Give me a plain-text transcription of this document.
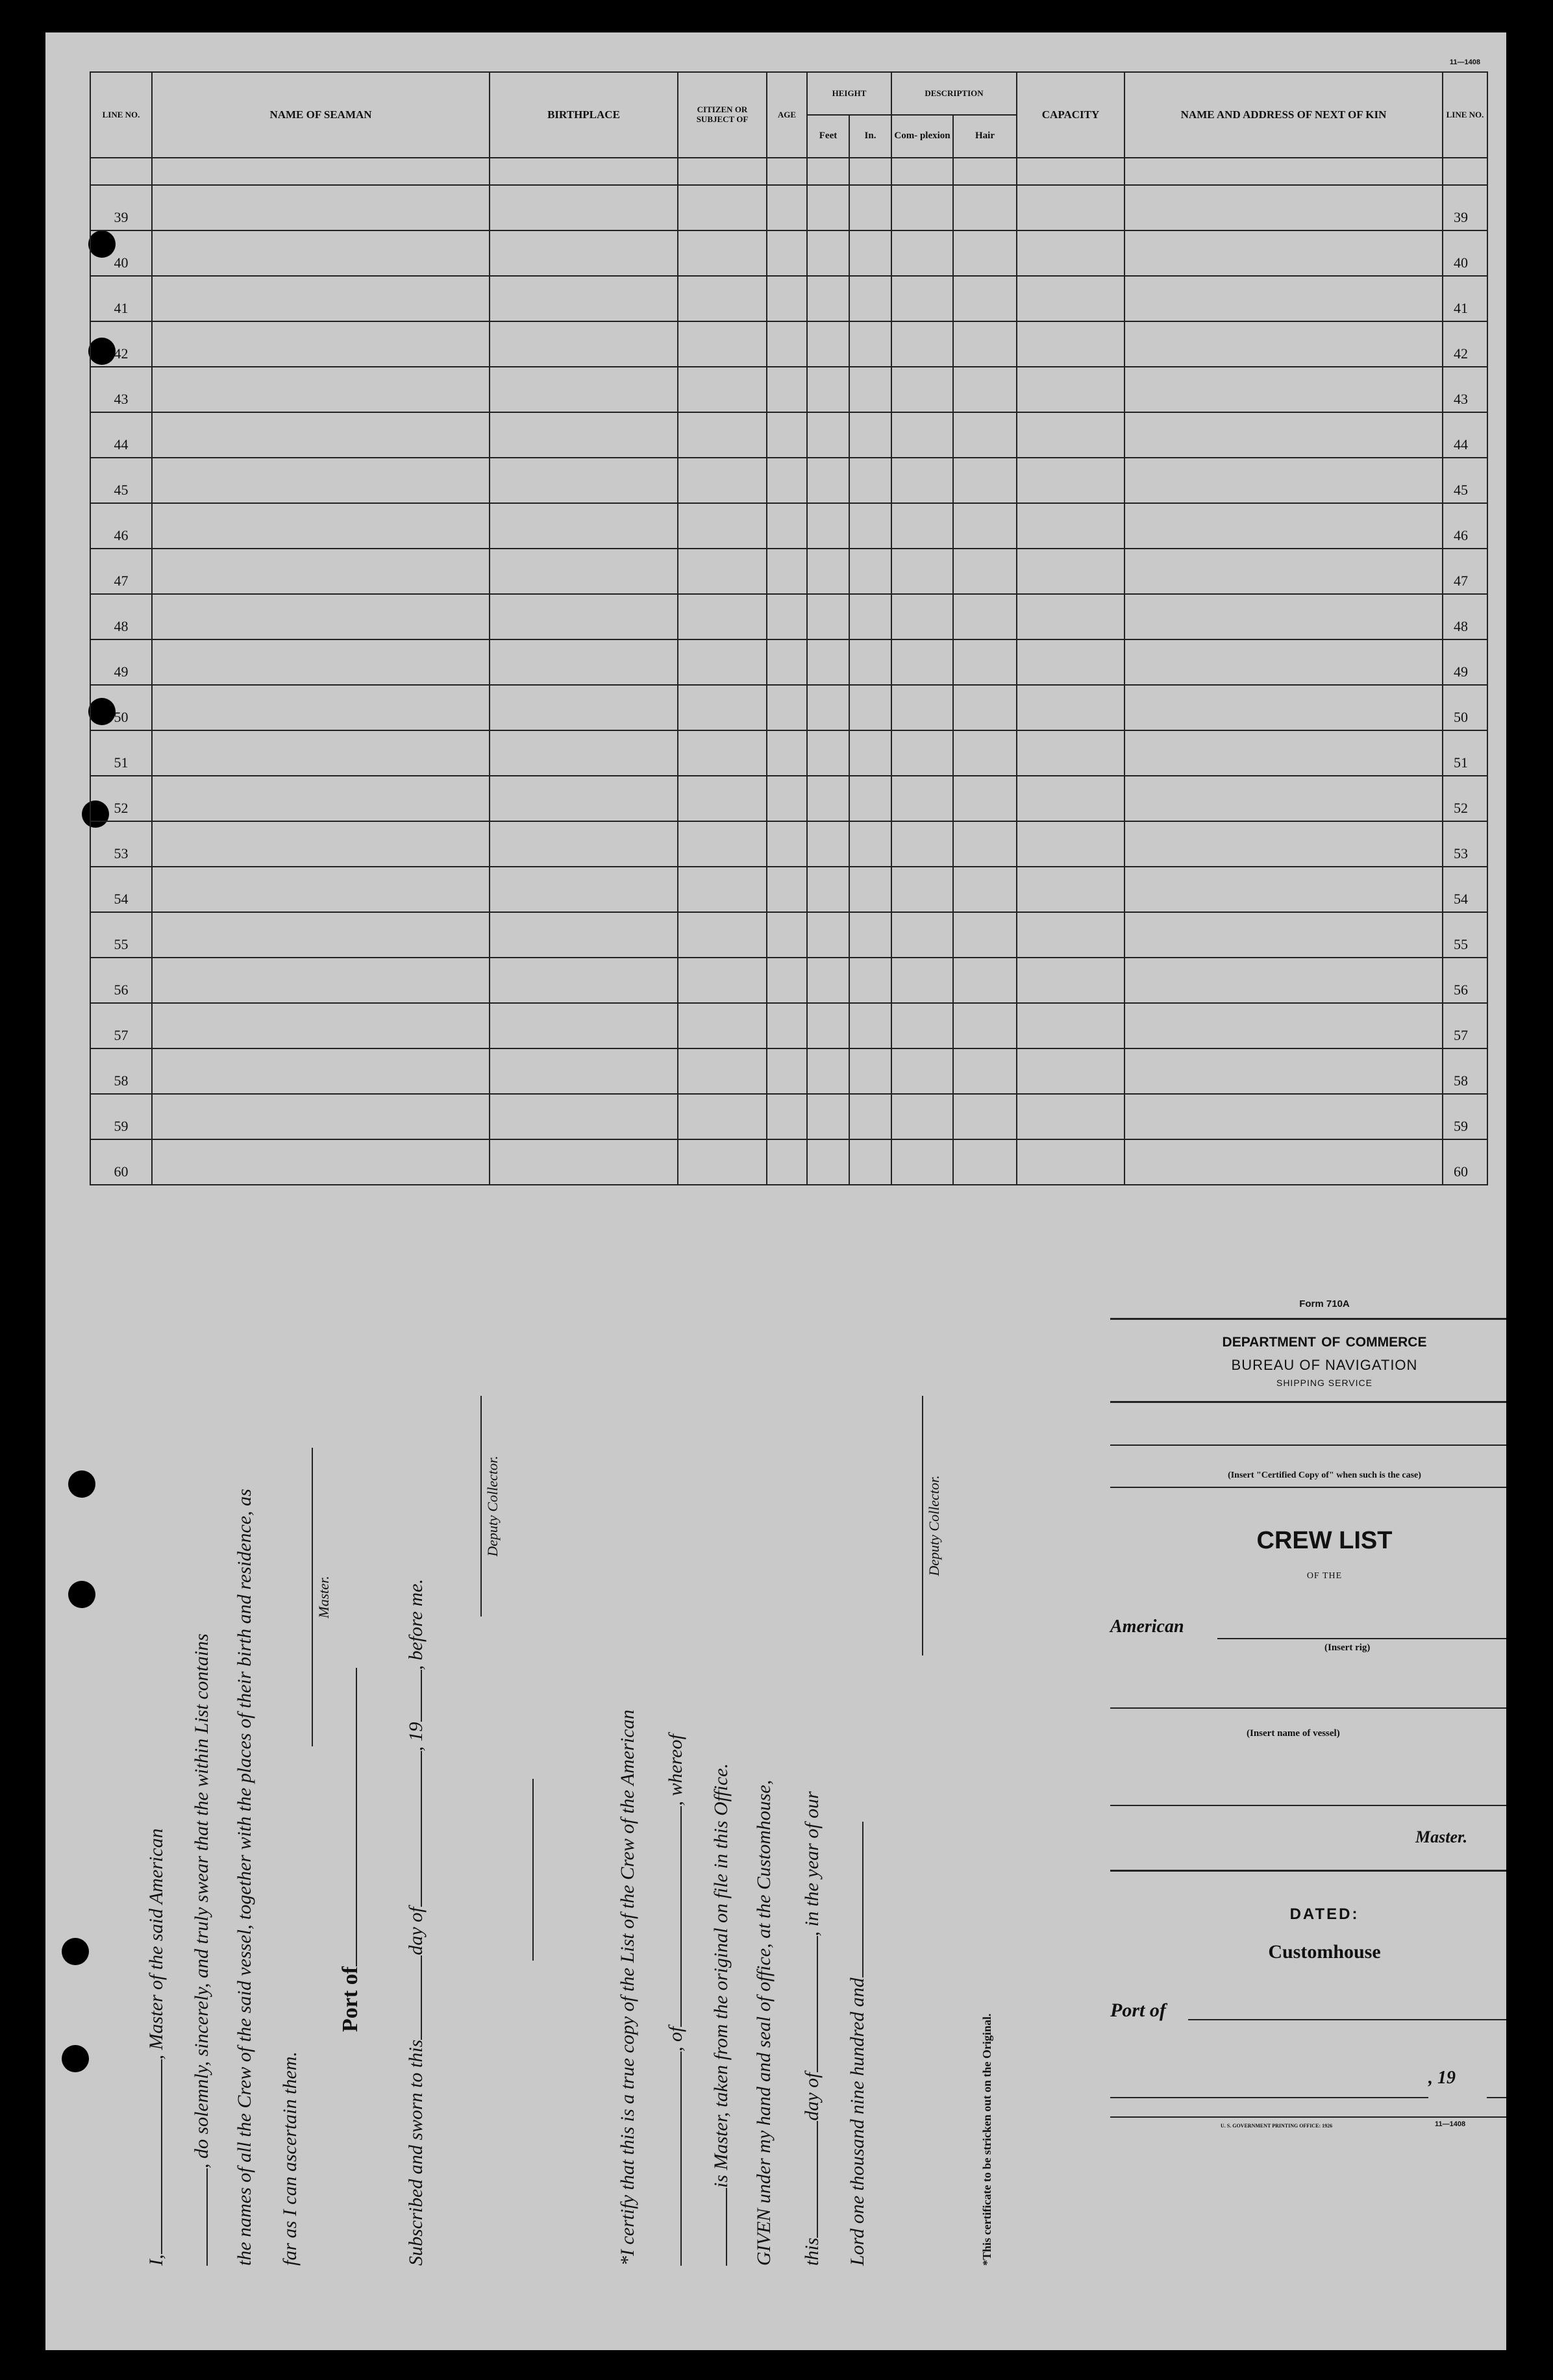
11—1408
LINE NO.	NAME OF SEAMAN	BIRTHPLACE	CITIZEN OR SUBJECT OF	AGE	HEIGHT		DESCRIPTION		CAPACITY	NAME AND ADDRESS OF NEXT OF KIN	LINE NO.
					Feet	In.	Com- plexion	Hair			

39											39
40											40
41											41
42											42
43											43
44											44
45											45
46											46
47											47
48											48
49											49
50											50
51											51
52											52
53											53
54											54
55											55
56											56
57											57
58											58
59											59
60											60
I,, Master of the said American , do solemnly, sincerely, and truly swear that the within List contains the names of all the Crew of the said vessel, together with the places of their birth and residence, as far as I can ascertain them.
Master.
Port of
Subscribed and sworn to thisday of, 19, before me.
Deputy Collector.
*I certify that this is a true copy of the List of the Crew of the American , of, whereof is Master, taken from the original on file in this Office. GIVEN under my hand and seal of office, at the Customhouse, thisday of, in the year of our
Lord one thousand nine hundred and
Deputy Collector.
*This certificate to be stricken out on the Original.
Form 710A
department of commerce
BUREAU OF NAVIGATION
SHIPPING SERVICE
(Insert "Certified Copy of" when such is the case)
CREW LIST
OF THE
American
(Insert rig)
(Insert name of vessel)
Master.
DATED:
Customhouse
Port of
, 19
U. S. GOVERNMENT PRINTING OFFICE: 1926	11—1408
